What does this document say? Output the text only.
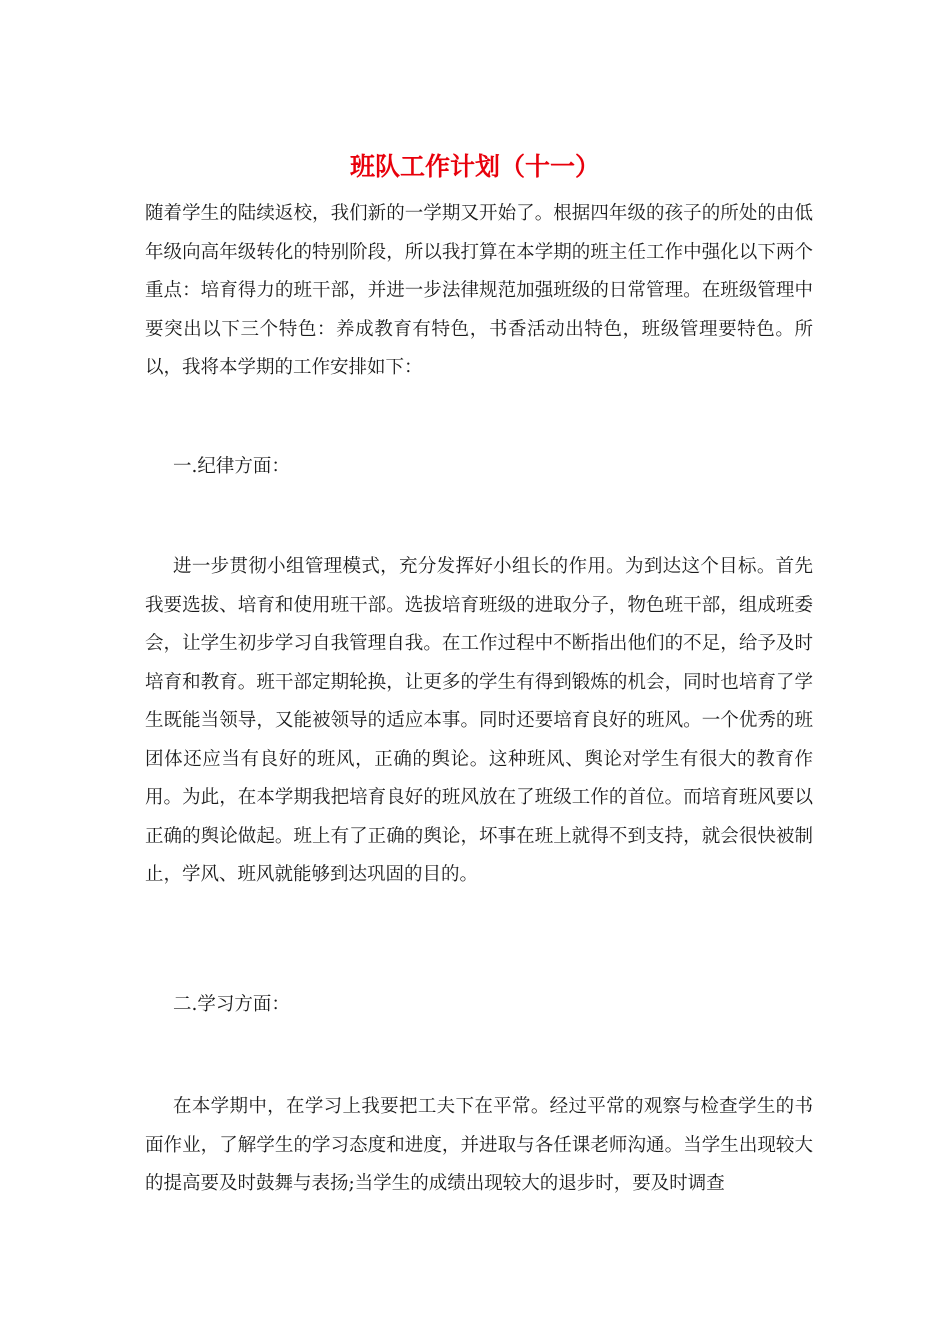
班队工作计划（十一）

随着学生的陆续返校，我们新的一学期又开始了。根据四年级的孩子的所处的由低年级向高年级转化的特别阶段，所以我打算在本学期的班主任工作中强化以下两个重点：培育得力的班干部，并进一步法律规范加强班级的日常管理。在班级管理中要突出以下三个特色：养成教育有特色，书香活动出特色，班级管理要特色。所以，我将本学期的工作安排如下：

一.纪律方面：

进一步贯彻小组管理模式，充分发挥好小组长的作用。为到达这个目标。首先我要选拔、培育和使用班干部。选拔培育班级的进取分子，物色班干部，组成班委会，让学生初步学习自我管理自我。在工作过程中不断指出他们的不足，给予及时培育和教育。班干部定期轮换，让更多的学生有得到锻炼的机会，同时也培育了学生既能当领导，又能被领导的适应本事。同时还要培育良好的班风。一个优秀的班团体还应当有良好的班风，正确的舆论。这种班风、舆论对学生有很大的教育作用。为此，在本学期我把培育良好的班风放在了班级工作的首位。而培育班风要以正确的舆论做起。班上有了正确的舆论，坏事在班上就得不到支持，就会很快被制止，学风、班风就能够到达巩固的目的。

二.学习方面：

在本学期中，在学习上我要把工夫下在平常。经过平常的观察与检查学生的书面作业，了解学生的学习态度和进度，并进取与各任课老师沟通。当学生出现较大的提高要及时鼓舞与表扬;当学生的成绩出现较大的退步时，要及时调查
